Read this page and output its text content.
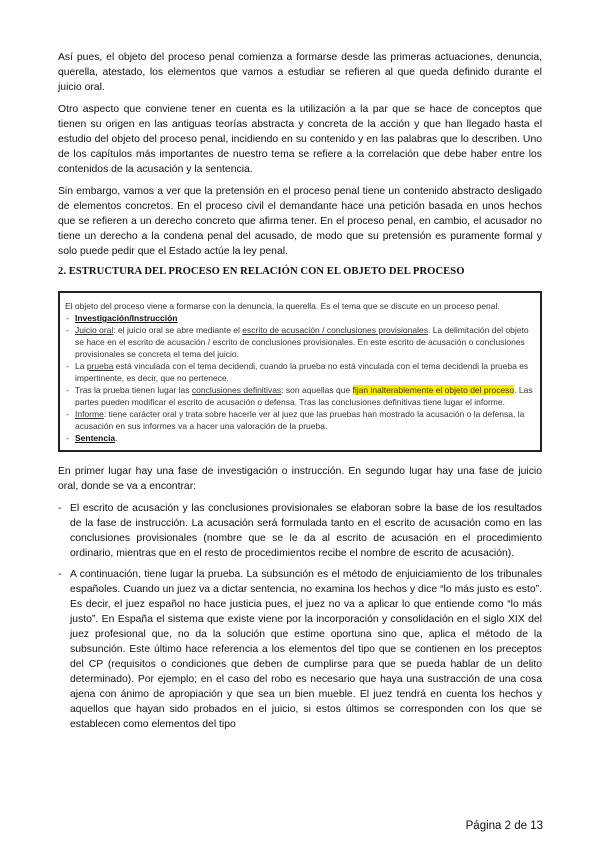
Así pues, el objeto del proceso penal comienza a formarse desde las primeras actuaciones, denuncia, querella, atestado, los elementos que vamos a estudiar se refieren al que queda definido durante el juicio oral.

Otro aspecto que conviene tener en cuenta es la utilización a la par que se hace de conceptos que tienen su origen en las antiguas teorías abstracta y concreta de la acción y que han llegado hasta el estudio del objeto del proceso penal, incidiendo en su contenido y en las palabras que lo describen. Uno de los capítulos más importantes de nuestro tema se refiere a la correlación que debe haber entre los contenidos de la acusación y la sentencia.

Sin embargo, vamos a ver que la pretensión en el proceso penal tiene un contenido abstracto desligado de elementos concretos. En el proceso civil el demandante hace una petición basada en unos hechos que se refieren a un derecho concreto que afirma tener. En el proceso penal, en cambio, el acusador no tiene un derecho a la condena penal del acusado, de modo que su pretensión es puramente formal y solo puede pedir que el Estado actúe la ley penal.

2. ESTRUCTURA DEL PROCESO EN RELACIÓN CON EL OBJETO DEL PROCESO

El objeto del proceso viene a formarse con la denuncia, la querella. Es el tema que se discute en un proceso penal.

- Investigación/Instrucción
- Juicio oral: el juicio oral se abre mediante el escrito de acusación / conclusiones provisionales. La delimitación del objeto se hace en el escrito de acusación / escrito de conclusiones provisionales. En este escrito de acusación o conclusiones provisionales se concreta el tema del juicio.
- La prueba está vinculada con el tema decidendi, cuando la prueba no está vinculada con el tema decidendi la prueba es impertinente, es decir, que no pertenece.
- Tras la prueba tienen lugar las conclusiones definitivas: son aquellas que fijan inalterablemente el objeto del proceso. Las partes pueden modificar el escrito de acusación o defensa. Tras las conclusiones definitivas tiene lugar el informe.
- Informe: tiene carácter oral y trata sobre hacerle ver al juez que las pruebas han mostrado la acusación o la defensa, la acusación en sus informes va a hacer una valoración de la prueba.
- Sentencia.

En primer lugar hay una fase de investigación o instrucción. En segundo lugar hay una fase de juicio oral, donde se va a encontrar:

- El escrito de acusación y las conclusiones provisionales se elaboran sobre la base de los resultados de la fase de instrucción. La acusación será formulada tanto en el escrito de acusación como en las conclusiones provisionales (nombre que se le da al escrito de acusación en el procedimiento ordinario, mientras que en el resto de procedimientos recibe el nombre de escrito de acusación).
- A continuación, tiene lugar la prueba. La subsunción es el método de enjuiciamiento de los tribunales españoles. Cuando un juez va a dictar sentencia, no examina los hechos y dice “lo más justo es esto”. Es decir, el juez español no hace justicia pues, el juez no va a aplicar lo que entiende como “lo más justo”. En España el sistema que existe viene por la incorporación y consolidación en el siglo XIX del juez profesional que, no da la solución que estime oportuna sino que, aplica el método de la subsunción. Este último hace referencia a los elementos del tipo que se contienen en los preceptos del CP (requisitos o condiciones que deben de cumplirse para que se pueda hablar de un delito determinado). Por ejemplo; en el caso del robo es necesario que haya una sustracción de una cosa ajena con ánimo de apropiación y que sea un bien mueble. El juez tendrá en cuenta los hechos y aquellos que hayan sido probados en el juicio, si estos últimos se corresponden con los que se establecen como elementos del tipo
Página 2 de 13
